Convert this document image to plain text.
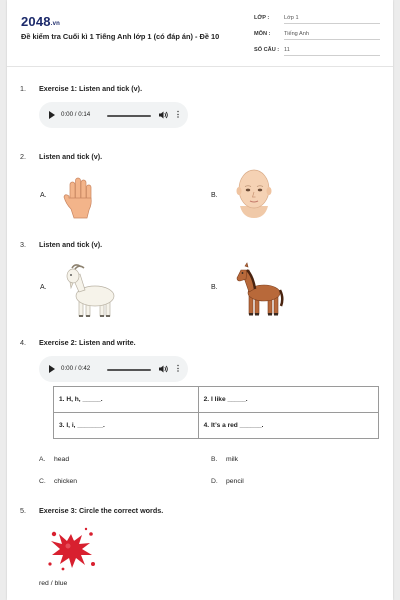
2048.vn
Đề kiểm tra Cuối kì 1 Tiếng Anh lớp 1 (có đáp án) - Đề 10
LỚP :	Lớp 1
MÔN : Tiếng Anh
SỐ CÂU : 11
1. Exercise 1: Listen and tick (v).
0:00 / 0:14	⋮
2. Listen and tick (v).
A.	B.
3. Listen and tick (v).
A.	B.
4. Exercise 2: Listen and write.
0:00 / 0:42	⋮
1. H, h, _____.	2. I like _____.
3. I, i, _______.	4. It’s a red ______.
A. head	B. milk
C. chicken	D. pencil
5. Exercise 3: Circle the correct words.
red / blue
